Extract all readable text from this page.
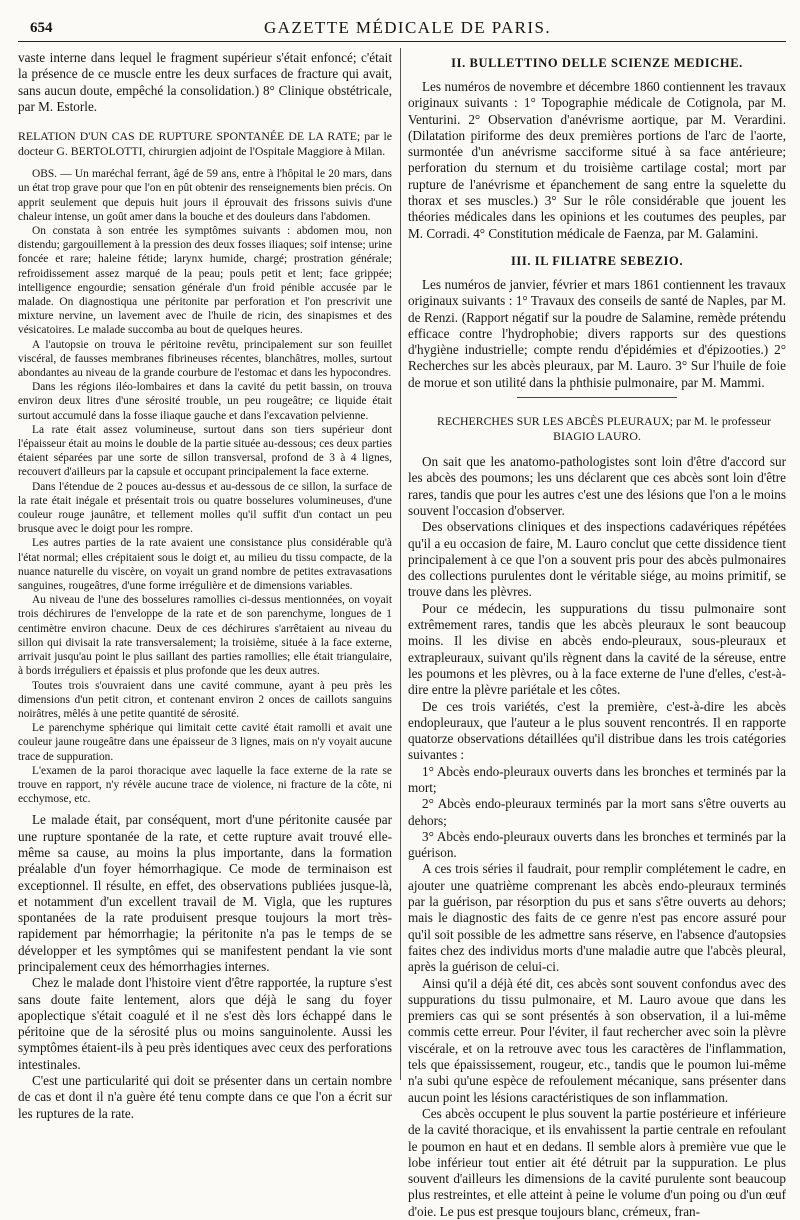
654	GAZETTE MÉDICALE DE PARIS.

vaste interne dans lequel le fragment supérieur s'était enfoncé; c'était la présence de ce muscle entre les deux surfaces de fracture qui avait, sans aucun doute, empêché la consolidation.) 8° Clinique obstétricale, par M. Estorle.

RELATION D'UN CAS DE RUPTURE SPONTANÉE DE LA RATE; par le docteur G. BERTOLOTTI, chirurgien adjoint de l'Ospitale Maggiore à Milan.

OBS. — Un maréchal ferrant, âgé de 59 ans, entre à l'hôpital le 20 mars, dans un état trop grave pour que l'on en pût obtenir des renseignements bien précis. On apprit seulement que depuis huit jours il éprouvait des frissons suivis d'une chaleur intense, un goût amer dans la bouche et des douleurs dans l'abdomen.

On constata à son entrée les symptômes suivants : abdomen mou, non distendu; gargouillement à la pression des deux fosses iliaques; soif intense; urine foncée et rare; haleine fétide; larynx humide, chargé; prostration générale; refroidissement assez marqué de la peau; pouls petit et lent; face grippée; intelligence engourdie; sensation générale d'un froid pénible accusée par le malade. On diagnostiqua une péritonite par perforation et l'on prescrivit une mixture nervine, un lavement avec de l'huile de ricin, des sinapismes et des vésicatoires. Le malade succomba au bout de quelques heures.

A l'autopsie on trouva le péritoine revêtu, principalement sur son feuillet viscéral, de fausses membranes fibrineuses récentes, blanchâtres, molles, surtout abondantes au niveau de la grande courbure de l'estomac et dans les hypocondres.

Dans les régions iléo-lombaires et dans la cavité du petit bassin, on trouva environ deux litres d'une sérosité trouble, un peu rougeâtre; ce liquide était surtout accumulé dans la fosse iliaque gauche et dans l'excavation pelvienne.

La rate était assez volumineuse, surtout dans son tiers supérieur dont l'épaisseur était au moins le double de la partie située au-dessous; ces deux parties étaient séparées par une sorte de sillon transversal, profond de 3 à 4 lignes, recouvert d'ailleurs par la capsule et occupant principalement la face externe.

Dans l'étendue de 2 pouces au-dessus et au-dessous de ce sillon, la surface de la rate était inégale et présentait trois ou quatre bosselures volumineuses, d'une couleur rouge jaunâtre, et tellement molles qu'il suffit d'un contact un peu brusque avec le doigt pour les rompre.

Les autres parties de la rate avaient une consistance plus considérable qu'à l'état normal; elles crépitaient sous le doigt et, au milieu du tissu compacte, de la nuance naturelle du viscère, on voyait un grand nombre de petites extravasations sanguines, rougeâtres, d'une forme irrégulière et de dimensions variables.

Au niveau de l'une des bosselures ramollies ci-dessus mentionnées, on voyait trois déchirures de l'enveloppe de la rate et de son parenchyme, longues de 1 centimètre environ chacune. Deux de ces déchirures s'arrêtaient au niveau du sillon qui divisait la rate transversalement; la troisième, située à la face externe, arrivait jusqu'au point le plus saillant des parties ramollies; elle était triangulaire, à bords irréguliers et épaissis et plus profonde que les deux autres.

Toutes trois s'ouvraient dans une cavité commune, ayant à peu près les dimensions d'un petit citron, et contenant environ 2 onces de caillots sanguins noirâtres, mêlés à une petite quantité de sérosité.

Le parenchyme sphérique qui limitait cette cavité était ramolli et avait une couleur jaune rougeâtre dans une épaisseur de 3 lignes, mais on n'y voyait aucune trace de suppuration.

L'examen de la paroi thoracique avec laquelle la face externe de la rate se trouve en rapport, n'y révèle aucune trace de violence, ni fracture de la côte, ni ecchymose, etc.

Le malade était, par conséquent, mort d'une péritonite causée par une rupture spontanée de la rate, et cette rupture avait trouvé elle-même sa cause, au moins la plus importante, dans la formation préalable d'un foyer hémorrhagique. Ce mode de terminaison est exceptionnel. Il résulte, en effet, des observations publiées jusque-là, et notamment d'un excellent travail de M. Vigla, que les ruptures spontanées de la rate produisent presque toujours la mort très-rapidement par hémorrhagie; la péritonite n'a pas le temps de se développer et les symptômes qui se manifestent pendant la vie sont principalement ceux des hémorrhagies internes.

Chez le malade dont l'histoire vient d'être rapportée, la rupture s'est sans doute faite lentement, alors que déjà le sang du foyer apoplectique s'était coagulé et il ne s'est dès lors échappé dans le péritoine que de la sérosité plus ou moins sanguinolente. Aussi les symptômes étaient-ils à peu près identiques avec ceux des perforations intestinales.

C'est une particularité qui doit se présenter dans un certain nombre de cas et dont il n'a guère été tenu compte dans ce que l'on a écrit sur les ruptures de la rate.

II. BULLETTINO DELLE SCIENZE MEDICHE.

Les numéros de novembre et décembre 1860 contiennent les travaux originaux suivants : 1° Topographie médicale de Cotignola, par M. Venturini. 2° Observation d'anévrisme aortique, par M. Verardini. (Dilatation piriforme des deux premières portions de l'arc de l'aorte, surmontée d'un anévrisme sacciforme situé à sa face antérieure; perforation du sternum et du troisième cartilage costal; mort par rupture de l'anévrisme et épanchement de sang entre la squelette du thorax et ses muscles.) 3° Sur le rôle considérable que jouent les théories médicales dans les opinions et les coutumes des peuples, par M. Corradi. 4° Constitution médicale de Faenza, par M. Galamini.

III. IL FILIATRE SEBEZIO.

Les numéros de janvier, février et mars 1861 contiennent les travaux originaux suivants : 1° Travaux des conseils de santé de Naples, par M. de Renzi. (Rapport négatif sur la poudre de Salamine, remède prétendu efficace contre l'hydrophobie; divers rapports sur des questions d'hygiène industrielle; compte rendu d'épidémies et d'épizooties.) 2° Recherches sur les abcès pleuraux, par M. Lauro. 3° Sur l'huile de foie de morue et son utilité dans la phthisie pulmonaire, par M. Mammi.

RECHERCHES SUR LES ABCÈS PLEURAUX; par M. le professeur BIAGIO LAURO.

On sait que les anatomo-pathologistes sont loin d'être d'accord sur les abcès des poumons; les uns déclarent que ces abcès sont loin d'être rares, tandis que pour les autres c'est une des lésions que l'on a le moins souvent l'occasion d'observer.

Des observations cliniques et des inspections cadavériques répétées qu'il a eu occasion de faire, M. Lauro conclut que cette dissidence tient principalement à ce que l'on a souvent pris pour des abcès pulmonaires des collections purulentes dont le véritable siége, au moins primitif, se trouve dans les plèvres.

Pour ce médecin, les suppurations du tissu pulmonaire sont extrêmement rares, tandis que les abcès pleuraux le sont beaucoup moins. Il les divise en abcès endo-pleuraux, sous-pleuraux et extrapleuraux, suivant qu'ils règnent dans la cavité de la séreuse, entre les poumons et les plèvres, ou à la face externe de l'une d'elles, c'est-à-dire entre la plèvre pariétale et les côtes.

De ces trois variétés, c'est la première, c'est-à-dire les abcès endopleuraux, que l'auteur a le plus souvent rencontrés. Il en rapporte quatorze observations détaillées qu'il distribue dans les trois catégories suivantes :

1° Abcès endo-pleuraux ouverts dans les bronches et terminés par la mort;

2° Abcès endo-pleuraux terminés par la mort sans s'être ouverts au dehors;

3° Abcès endo-pleuraux ouverts dans les bronches et terminés par la guérison.

A ces trois séries il faudrait, pour remplir complétement le cadre, en ajouter une quatrième comprenant les abcès endo-pleuraux terminés par la guérison, par résorption du pus et sans s'être ouverts au dehors; mais le diagnostic des faits de ce genre n'est pas encore assuré pour qu'il soit possible de les admettre sans réserve, en l'absence d'autopsies faites chez des individus morts d'une maladie autre que l'abcès pleural, après la guérison de celui-ci.

Ainsi qu'il a déjà été dit, ces abcès sont souvent confondus avec des suppurations du tissu pulmonaire, et M. Lauro avoue que dans les premiers cas qui se sont présentés à son observation, il a lui-même commis cette erreur. Pour l'éviter, il faut rechercher avec soin la plèvre viscérale, et on la retrouve avec tous les caractères de l'inflammation, tels que épaississement, rougeur, etc., tandis que le poumon lui-même n'a subi qu'une espèce de refoulement mécanique, sans présenter dans aucun point les lésions caractéristiques de son inflammation.

Ces abcès occupent le plus souvent la partie postérieure et inférieure de la cavité thoracique, et ils envahissent la partie centrale en refoulant le poumon en haut et en dedans. Il semble alors à première vue que le lobe inférieur tout entier ait été détruit par la suppuration. Le plus souvent d'ailleurs les dimensions de la cavité purulente sont beaucoup plus restreintes, et elle atteint à peine le volume d'un poing ou d'un œuf d'oie. Le pus est presque toujours blanc, crémeux, fran-
